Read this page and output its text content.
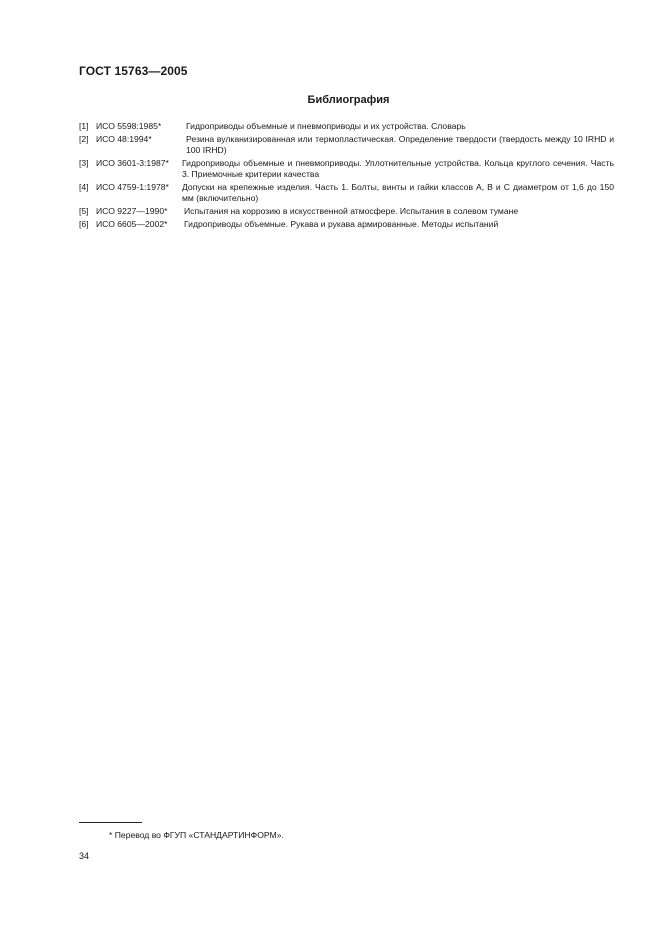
ГОСТ 15763—2005
Библиография
[1] ИСО 5598:1985*	Гидроприводы объемные и пневмоприводы и их устройства. Словарь
[2] ИСО 48:1994*	Резина вулканизированная или термопластическая. Определение твердости (твердость между 10 IRHD и 100 IRHD)
[3] ИСО 3601-3:1987*	Гидроприводы объемные и пневмоприводы. Уплотнительные устройства. Кольца круглого сечения. Часть 3. Приемочные критерии качества
[4] ИСО 4759-1:1978*	Допуски на крепежные изделия. Часть 1. Болты, винты и гайки классов A, B и C диаметром от 1,6 до 150 мм (включительно)
[5] ИСО 9227—1990*	Испытания на коррозию в искусственной атмосфере. Испытания в солевом тумане
[6] ИСО 6605—2002*	Гидроприводы объемные. Рукава и рукава армированные. Методы испытаний
* Перевод во ФГУП «СТАНДАРТИНФОРМ».
34
